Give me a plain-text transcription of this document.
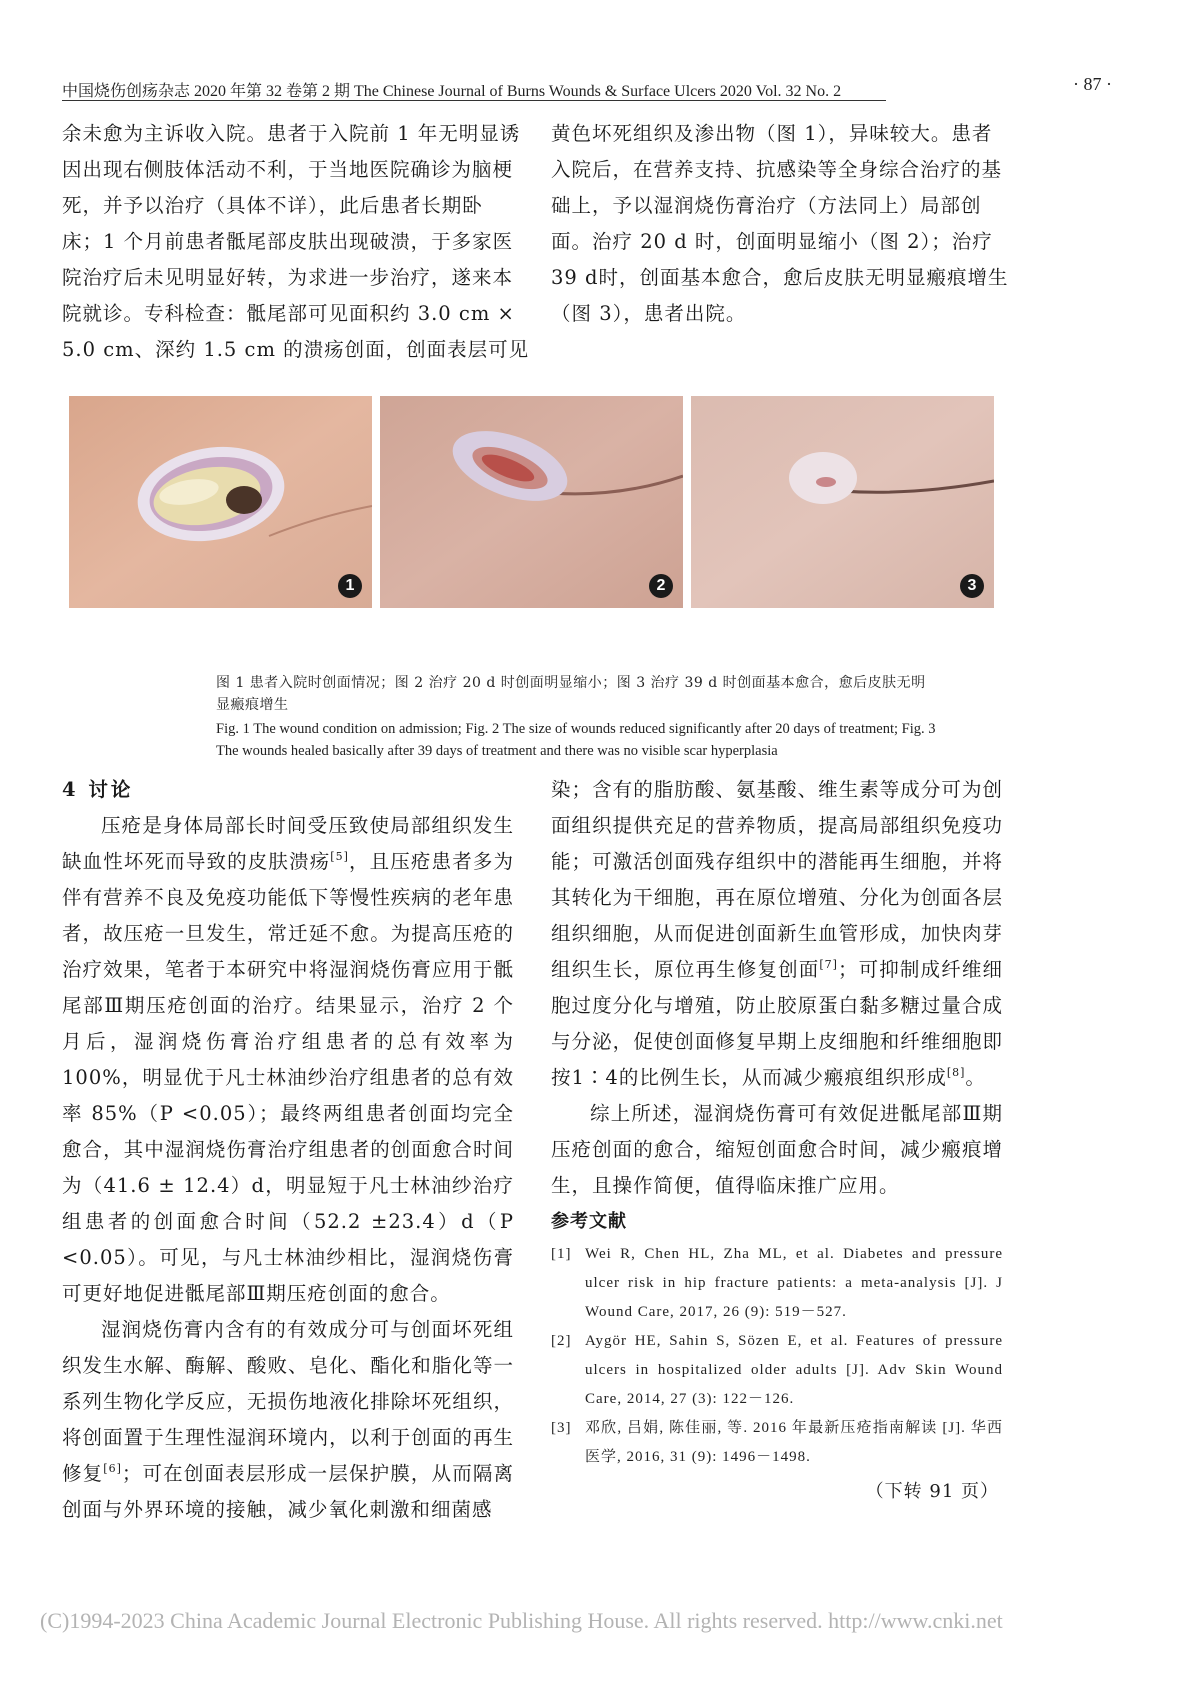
中国烧伤创疡杂志 2020 年第 32 卷第 2 期 The Chinese Journal of Burns Wounds & Surface Ulcers 2020 Vol. 32 No. 2	· 87 ·
余未愈为主诉收入院。患者于入院前 1 年无明显诱
因出现右侧肢体活动不利，于当地医院确诊为脑梗
死，并予以治疗（具体不详），此后患者长期卧
床；1 个月前患者骶尾部皮肤出现破溃，于多家医
院治疗后未见明显好转，为求进一步治疗，遂来本
院就诊。专科检查：骶尾部可见面积约 3.0 cm ×
5.0 cm、深约 1.5 cm 的溃疡创面，创面表层可见
黄色坏死组织及渗出物（图 1），异味较大。患者
入院后，在营养支持、抗感染等全身综合治疗的基
础上，予以湿润烧伤膏治疗（方法同上）局部创
面。治疗 20 d 时，创面明显缩小（图 2）；治疗
39 d时，创面基本愈合，愈后皮肤无明显瘢痕增生
（图 3），患者出院。
1	2	3
图 1 患者入院时创面情况；图 2 治疗 20 d 时创面明显缩小；图 3 治疗 39 d 时创面基本愈合，愈后皮肤无明显瘢痕增生
Fig. 1 The wound condition on admission; Fig. 2 The size of wounds reduced significantly after 20 days of treatment; Fig. 3 The wounds healed basically after 39 days of treatment and there was no visible scar hyperplasia

4 讨论

压疮是身体局部长时间受压致使局部组织发生缺血性坏死而导致的皮肤溃疡[5]，且压疮患者多为伴有营养不良及免疫功能低下等慢性疾病的老年患者，故压疮一旦发生，常迁延不愈。为提高压疮的治疗效果，笔者于本研究中将湿润烧伤膏应用于骶尾部Ⅲ期压疮创面的治疗。结果显示，治疗 2 个月后，湿润烧伤膏治疗组患者的总有效率为 100%，明显优于凡士林油纱治疗组患者的总有效率 85%（P <0.05）；最终两组患者创面均完全愈合，其中湿润烧伤膏治疗组患者的创面愈合时间为（41.6 ± 12.4）d，明显短于凡士林油纱治疗组患者的创面愈合时间（52.2 ±23.4）d（P <0.05）。可见，与凡士林油纱相比，湿润烧伤膏可更好地促进骶尾部Ⅲ期压疮创面的愈合。

湿润烧伤膏内含有的有效成分可与创面坏死组织发生水解、酶解、酸败、皂化、酯化和脂化等一系列生物化学反应，无损伤地液化排除坏死组织，将创面置于生理性湿润环境内，以利于创面的再生修复[6]；可在创面表层形成一层保护膜，从而隔离创面与外界环境的接触，减少氧化刺激和细菌感

染；含有的脂肪酸、氨基酸、维生素等成分可为创面组织提供充足的营养物质，提高局部组织免疫功能；可激活创面残存组织中的潜能再生细胞，并将其转化为干细胞，再在原位增殖、分化为创面各层组织细胞，从而促进创面新生血管形成，加快肉芽组织生长，原位再生修复创面[7]；可抑制成纤维细胞过度分化与增殖，防止胶原蛋白黏多糖过量合成与分泌，促使创面修复早期上皮细胞和纤维细胞即按1∶4的比例生长，从而减少瘢痕组织形成[8]。

综上所述，湿润烧伤膏可有效促进骶尾部Ⅲ期压疮创面的愈合，缩短创面愈合时间，减少瘢痕增生，且操作简便，值得临床推广应用。

参考文献

[1] Wei R, Chen HL, Zha ML, et al. Diabetes and pressure ulcer risk in hip fracture patients: a meta-analysis [J]. J Wound Care, 2017, 26 (9): 519－527.
[2] Aygör HE, Sahin S, Sözen E, et al. Features of pressure ulcers in hospitalized older adults [J]. Adv Skin Wound Care, 2014, 27 (3): 122－126.
[3] 邓欣, 吕娟, 陈佳丽, 等. 2016 年最新压疮指南解读 [J]. 华西医学, 2016, 31 (9): 1496－1498.
（下转 91 页）
(C)1994-2023 China Academic Journal Electronic Publishing House. All rights reserved. http://www.cnki.net
